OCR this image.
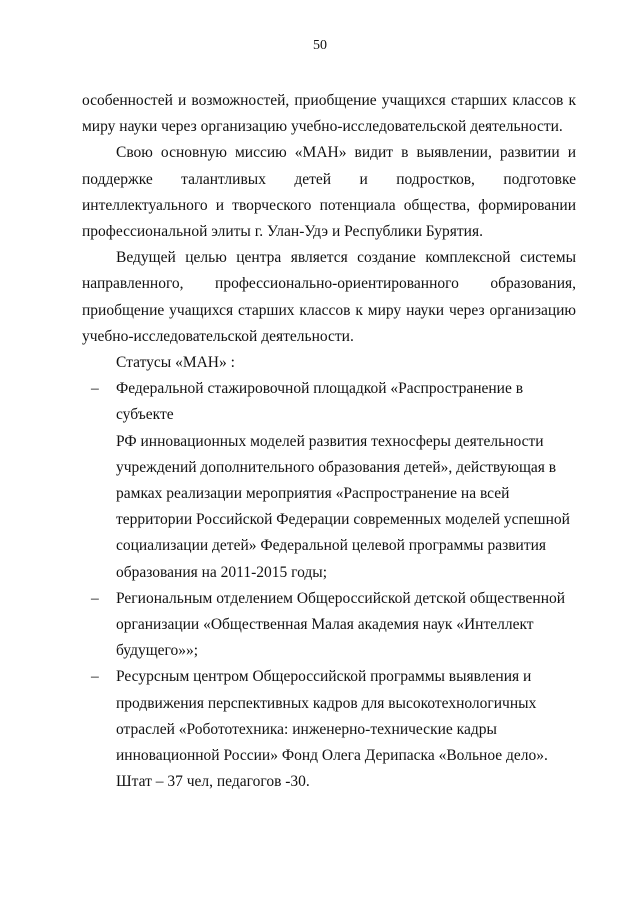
50

особенностей и возможностей, приобщение учащихся старших классов к
миру науки через организацию учебно-исследовательской деятельности.

Свою основную миссию «МАН» видит в выявлении, развитии и
поддержке талантливых детей и подростков, подготовке
интеллектуального и творческого потенциала общества, формировании
профессиональной элиты г. Улан-Удэ и Республики Бурятия.

Ведущей целью центра является создание комплексной системы
направленного, профессионально-ориентированного образования,
приобщение учащихся старших классов к миру науки через организацию
учебно-исследовательской деятельности.

Статусы «МАН» :

– Федеральной стажировочной площадкой «Распространение в субъекте
РФ инновационных моделей развития техносферы деятельности
учреждений дополнительного образования детей», действующая в
рамках реализации мероприятия «Распространение на всей
территории Российской Федерации современных моделей успешной
социализации детей» Федеральной целевой программы развития
образования на 2011-2015 годы;
– Региональным отделением Общероссийской детской общественной
организации «Общественная Малая академия наук «Интеллект
будущего»»;
– Ресурсным центром Общероссийской программы выявления и
продвижения перспективных кадров для высокотехнологичных
отраслей «Робототехника: инженерно-технические кадры
инновационной России» Фонд Олега Дерипаска «Вольное дело».

Штат – 37 чел, педагогов -30.
